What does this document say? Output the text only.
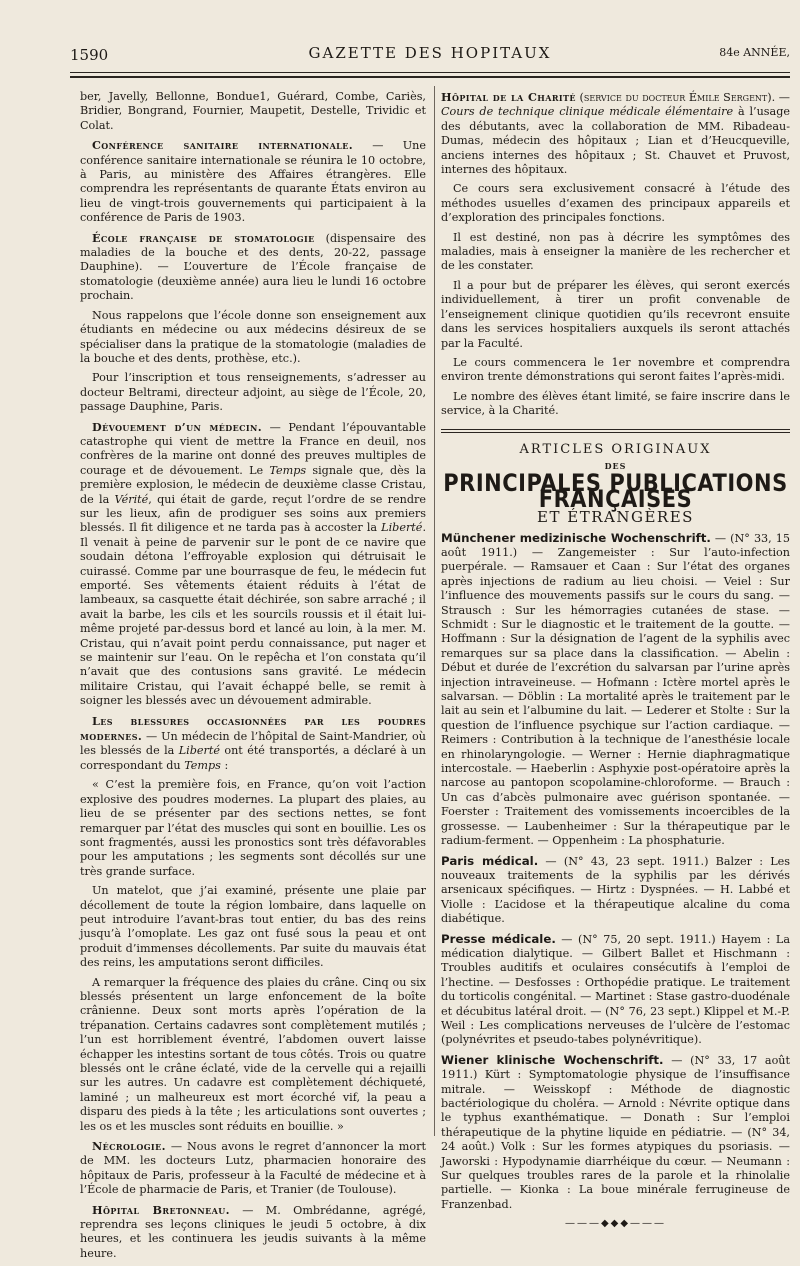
1590	GAZETTE DES HOPITAUX	84e ANNÉE,

ber, Javelly, Bellonne, Bondue1, Guérard, Combe, Cariès, Bridier, Bongrand, Fournier, Maupetit, Destelle, Trividic et Colat.

Conférence sanitaire internationale. — Une conférence sanitaire internationale se réunira le 10 octobre, à Paris, au ministère des Affaires étrangères. Elle comprendra les représentants de quarante États environ au lieu de vingt-trois gouvernements qui participaient à la conférence de Paris de 1903.

École française de stomatologie (dispensaire des maladies de la bouche et des dents, 20-22, passage Dauphine). — L’ouverture de l’École française de stomatologie (deuxième année) aura lieu le lundi 16 octobre prochain.

Nous rappelons que l’école donne son enseignement aux étudiants en médecine ou aux médecins désireux de se spécialiser dans la pratique de la stomatologie (maladies de la bouche et des dents, prothèse, etc.).

Pour l’inscription et tous renseignements, s’adresser au docteur Beltrami, directeur adjoint, au siège de l’École, 20, passage Dauphine, Paris.

Dévouement d’un médecin. — Pendant l’épouvantable catastrophe qui vient de mettre la France en deuil, nos confrères de la marine ont donné des preuves multiples de courage et de dévouement. Le Temps signale que, dès la première explosion, le médecin de deuxième classe Cristau, de la Vérité, qui était de garde, reçut l’ordre de se rendre sur les lieux, afin de prodiguer ses soins aux premiers blessés. Il fit diligence et ne tarda pas à accoster la Liberté. Il venait à peine de parvenir sur le pont de ce navire que soudain détona l’effroyable explosion qui détruisait le cuirassé. Comme par une bourrasque de feu, le médecin fut emporté. Ses vêtements étaient réduits à l’état de lambeaux, sa casquette était déchirée, son sabre arraché ; il avait la barbe, les cils et les sourcils roussis et il était lui-même projeté par-dessus bord et lancé au loin, à la mer. M. Cristau, qui n’avait point perdu connaissance, put nager et se maintenir sur l’eau. On le repêcha et l’on constata qu’il n’avait que des contusions sans gravité. Le médecin militaire Cristau, qui l’avait échappé belle, se remit à soigner les blessés avec un dévouement admirable.

Les blessures occasionnées par les poudres modernes. — Un médecin de l’hôpital de Saint-Mandrier, où les blessés de la Liberté ont été transportés, a déclaré à un correspondant du Temps :

« C’est la première fois, en France, qu’on voit l’action explosive des poudres modernes. La plupart des plaies, au lieu de se présenter par des sections nettes, se font remarquer par l’état des muscles qui sont en bouillie. Les os sont fragmentés, aussi les pronostics sont très défavorables pour les amputations ; les segments sont décollés sur une très grande surface.

Un matelot, que j’ai examiné, présente une plaie par décollement de toute la région lombaire, dans laquelle on peut introduire l’avant-bras tout entier, du bas des reins jusqu’à l’omoplate. Les gaz ont fusé sous la peau et ont produit d’immenses décollements. Par suite du mauvais état des reins, les amputations seront difficiles.

A remarquer la fréquence des plaies du crâne. Cinq ou six blessés présentent un large enfoncement de la boîte crânienne. Deux sont morts après l’opération de la trépanation. Certains cadavres sont complètement mutilés ; l’un est horriblement éventré, l’abdomen ouvert laisse échapper les intestins sortant de tous côtés. Trois ou quatre blessés ont le crâne éclaté, vide de la cervelle qui a rejailli sur les autres. Un cadavre est complètement déchiqueté, laminé ; un malheureux est mort écorché vif, la peau a disparu des pieds à la tête ; les articulations sont ouvertes ; les os et les muscles sont réduits en bouillie. »

Nécrologie. — Nous avons le regret d’annoncer la mort de MM. les docteurs Lutz, pharmacien honoraire des hôpitaux de Paris, professeur à la Faculté de médecine et à l’École de pharmacie de Paris, et Tranier (de Toulouse).

Hôpital Bretonneau. — M. Ombrédanne, agrégé, reprendra ses leçons cliniques le jeudi 5 octobre, à dix heures, et les continuera les jeudis suivants à la même heure.

Hôpital de la Charité (service du docteur Émile Sergent). — Cours de technique clinique médicale élémentaire à l’usage des débutants, avec la collaboration de MM. Ribadeau-Dumas, médecin des hôpitaux ; Lian et d’Heucqueville, anciens internes des hôpitaux ; St. Chauvet et Pruvost, internes des hôpitaux.

Ce cours sera exclusivement consacré à l’étude des méthodes usuelles d’examen des principaux appareils et d’exploration des principales fonctions.

Il est destiné, non pas à décrire les symptômes des maladies, mais à enseigner la manière de les rechercher et de les constater.

Il a pour but de préparer les élèves, qui seront exercés individuellement, à tirer un profit convenable de l’enseignement clinique quotidien qu’ils recevront ensuite dans les services hospitaliers auxquels ils seront attachés par la Faculté.

Le cours commencera le 1er novembre et comprendra environ trente démonstrations qui seront faites l’après-midi.

Le nombre des élèves étant limité, se faire inscrire dans le service, à la Charité.

ARTICLES ORIGINAUX
DES
PRINCIPALES PUBLICATIONS FRANÇAISES
ET ÉTRANGÈRES

Münchener medizinische Wochenschrift. — (N° 33, 15 août 1911.) — Zangemeister : Sur l’auto-infection puerpérale. — Ramsauer et Caan : Sur l’état des organes après injections de radium au lieu choisi. — Veiel : Sur l’influence des mouvements passifs sur le cours du sang. — Strausch : Sur les hémorragies cutanées de stase. — Schmidt : Sur le diagnostic et le traitement de la goutte. — Hoffmann : Sur la désignation de l’agent de la syphilis avec remarques sur sa place dans la classification. — Abelin : Début et durée de l’excrétion du salvarsan par l’urine après injection intraveineuse. — Hofmann : Ictère mortel après le salvarsan. — Döblin : La mortalité après le traitement par le lait au sein et l’albumine du lait. — Lederer et Stolte : Sur la question de l’influence psychique sur l’action cardiaque. — Reimers : Contribution à la technique de l’anesthésie locale en rhinolaryngologie. — Werner : Hernie diaphragmatique intercostale. — Haeberlin : Asphyxie post-opératoire après la narcose au pantopon scopolamine-chloroforme. — Brauch : Un cas d’abcès pulmonaire avec guérison spontanée. — Foerster : Traitement des vomissements incoercibles de la grossesse. — Laubenheimer : Sur la thérapeutique par le radium-ferment. — Oppenheim : La phosphaturie.

Paris médical. — (N° 43, 23 sept. 1911.) Balzer : Les nouveaux traitements de la syphilis par les dérivés arsenicaux spécifiques. — Hirtz : Dyspnées. — H. Labbé et Violle : L’acidose et la thérapeutique alcaline du coma diabétique.

Presse médicale. — (N° 75, 20 sept. 1911.) Hayem : La médication dialytique. — Gilbert Ballet et Hischmann : Troubles auditifs et oculaires consécutifs à l’emploi de l’hectine. — Desfosses : Orthopédie pratique. Le traitement du torticolis congénital. — Martinet : Stase gastro-duodénale et décubitus latéral droit. — (N° 76, 23 sept.) Klippel et M.-P. Weil : Les complications nerveuses de l’ulcère de l’estomac (polynévrites et pseudo-tabes polynévritique).

Wiener klinische Wochenschrift. — (N° 33, 17 août 1911.) Kürt : Symptomatologie physique de l’insuffisance mitrale. — Weisskopf : Méthode de diagnostic bactériologique du choléra. — Arnold : Névrite optique dans le typhus exanthématique. — Donath : Sur l’emploi thérapeutique de la phytine liquide en pédiatrie. — (N° 34, 24 août.) Volk : Sur les formes atypiques du psoriasis. — Jaworski : Hypodynamie diarrhéique du cœur. — Neumann : Sur quelques troubles rares de la parole et la rhinolalie partielle. — Kionka : La boue minérale ferrugineuse de Franzenbad.

———◆◆◆———
